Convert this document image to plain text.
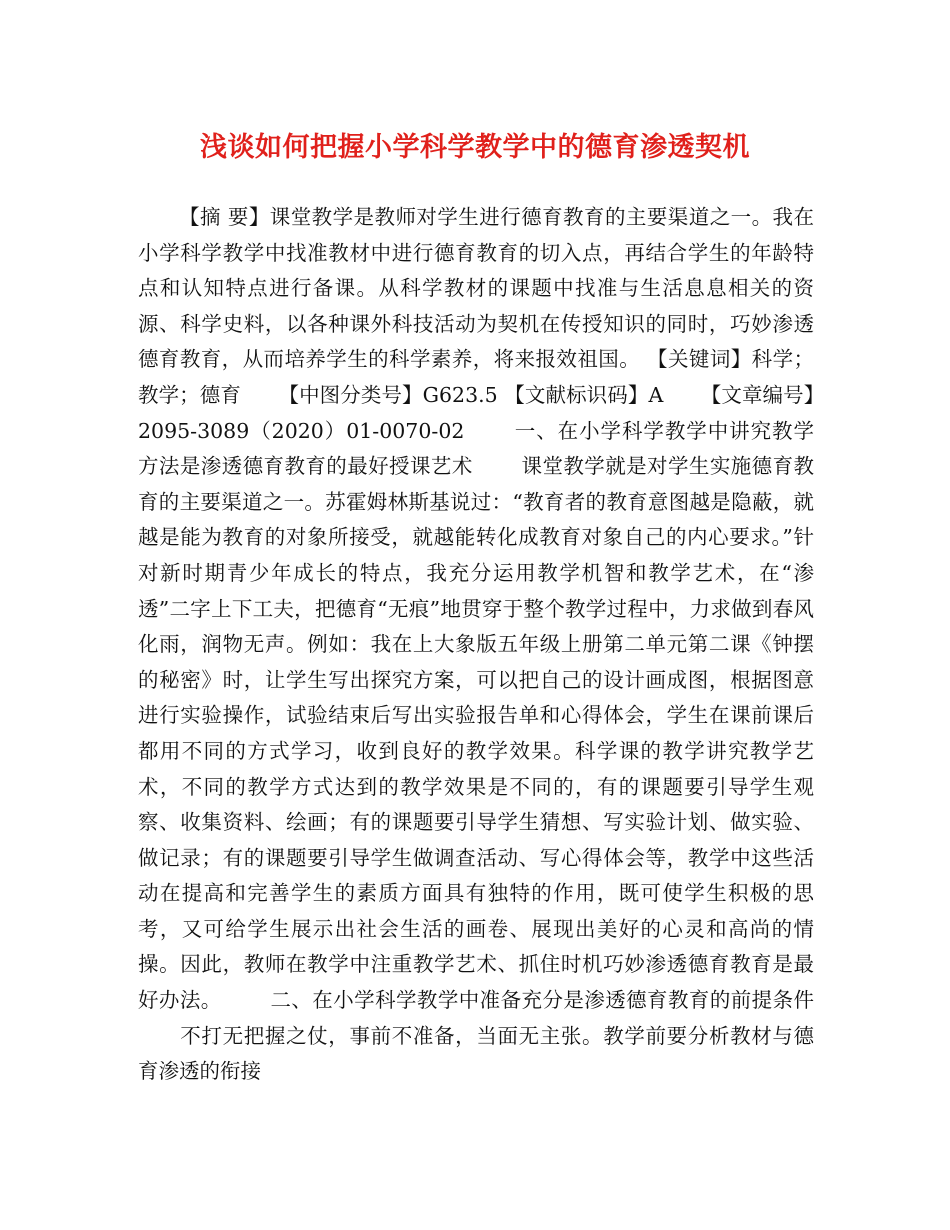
浅谈如何把握小学科学教学中的德育渗透契机

【摘 要】课堂教学是教师对学生进行德育教育的主要渠道之一。我在小学科学教学中找准教材中进行德育教育的切入点，再结合学生的年龄特点和认知特点进行备课。从科学教材的课题中找准与生活息息相关的资源、科学史料，以各种课外科技活动为契机在传授知识的同时，巧妙渗透德育教育，从而培养学生的科学素养，将来报效祖国。 【关键词】科学；教学；德育 　　【中图分类号】G623.5 【文献标识码】A 　　【文章编号】2095-3089（2020）01-0070-02 　　一、在小学科学教学中讲究教学方法是渗透德育教育的最好授课艺术 　　课堂教学就是对学生实施德育教育的主要渠道之一。苏霍姆林斯基说过：“教育者的教育意图越是隐蔽，就越是能为教育的对象所接受，就越能转化成教育对象自己的内心要求。”针对新时期青少年成长的特点，我充分运用教学机智和教学艺术，在“渗透”二字上下工夫，把德育“无痕”地贯穿于整个教学过程中，力求做到春风化雨，润物无声。例如：我在上大象版五年级上册第二单元第二课《钟摆的秘密》时，让学生写出探究方案，可以把自己的设计画成图，根据图意进行实验操作，试验结束后写出实验报告单和心得体会，学生在课前课后都用不同的方式学习，收到良好的教学效果。科学课的教学讲究教学艺术，不同的教学方式达到的教学效果是不同的，有的课题要引导学生观察、收集资料、绘画；有的课题要引导学生猜想、写实验计划、做实验、做记录；有的课题要引导学生做调查活动、写心得体会等，教学中这些活动在提高和完善学生的素质方面具有独特的作用，既可使学生积极的思考，又可给学生展示出社会生活的画卷、展现出美好的心灵和高尚的情操。因此，教师在教学中注重教学艺术、抓住时机巧妙渗透德育教育是最好办法。 　　二、在小学科学教学中准备充分是渗透德育教育的前提条件 　　不打无把握之仗，事前不准备，当面无主张。教学前要分析教材与德育渗透的衔接
